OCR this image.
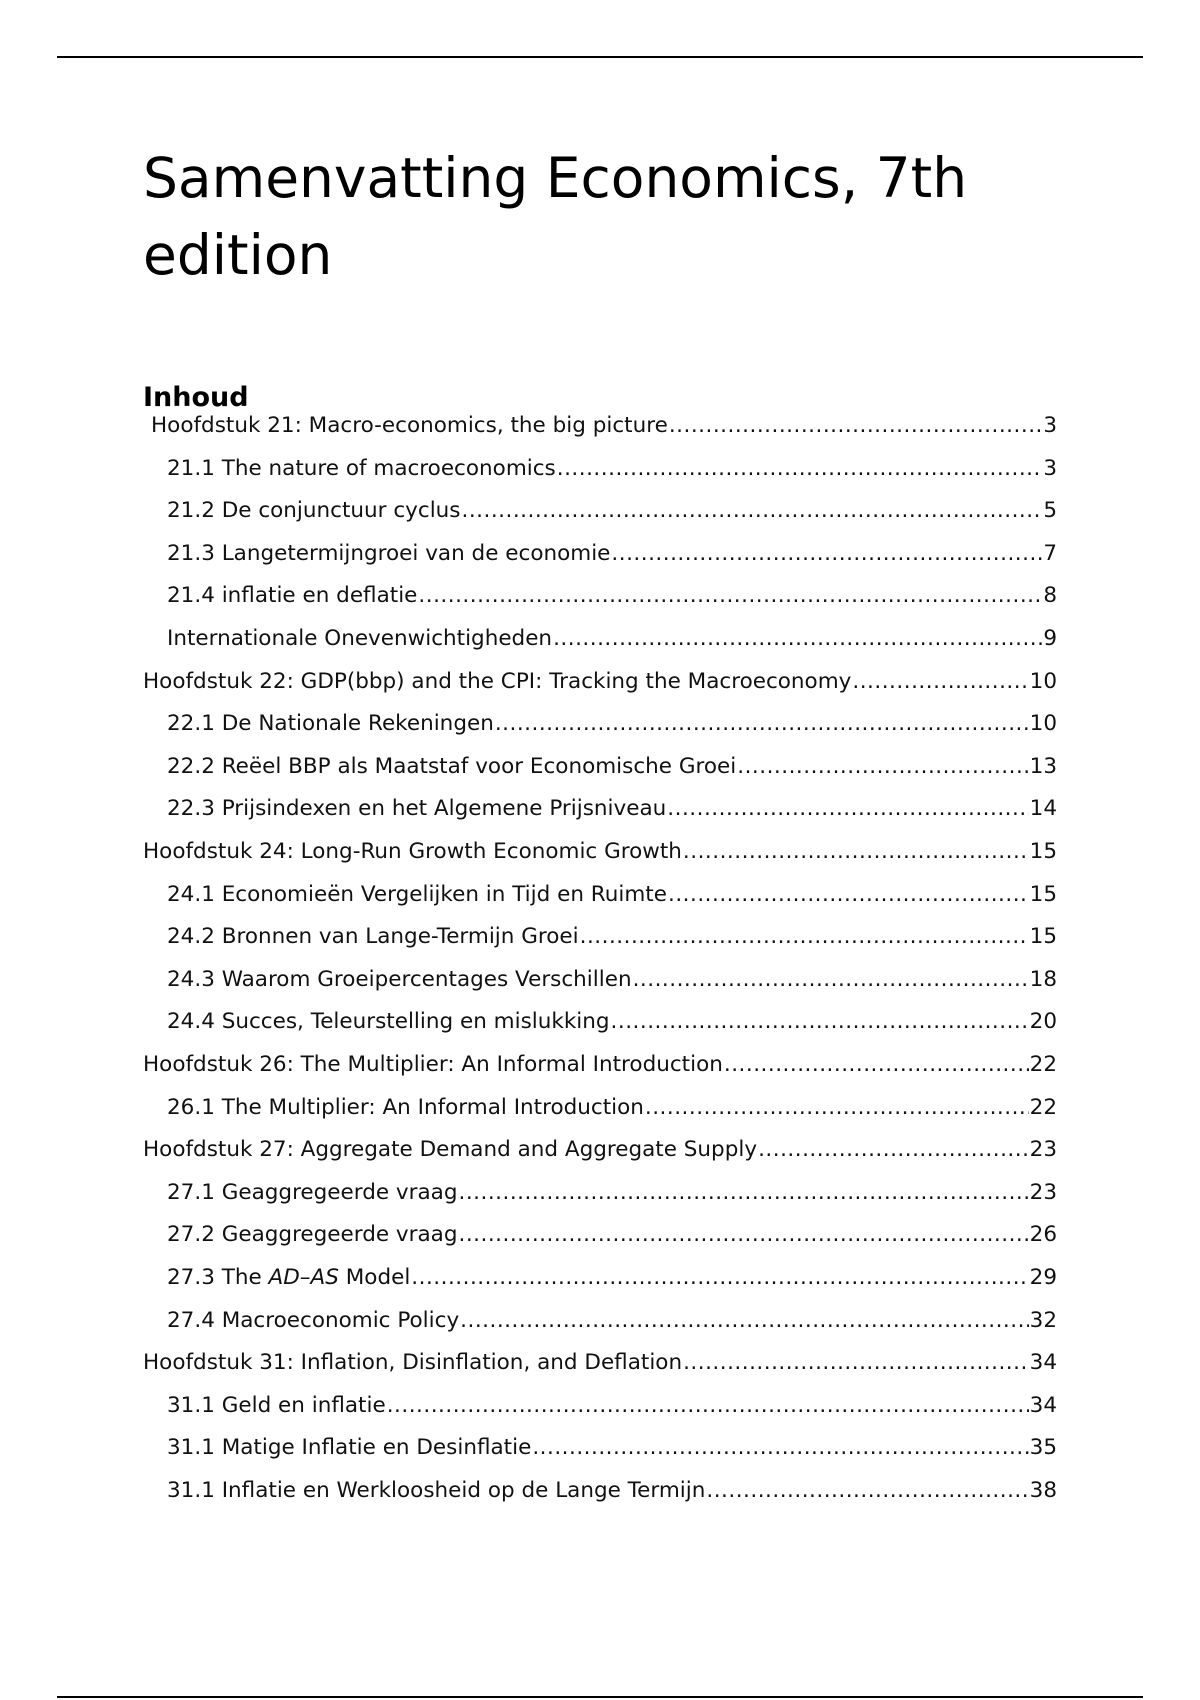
Samenvatting Economics, 7th edition
Inhoud
Hoofdstuk 21: Macro-economics, the big picture .....	3
21.1 The nature of macroeconomics .....	3
21.2 De conjunctuur cyclus .....	5
21.3 Langetermijngroei van de economie .....	7
21.4 inflatie en deflatie .....	8
Internationale Onevenwichtigheden .....	9
Hoofdstuk 22: GDP(bbp) and the CPI: Tracking the Macroeconomy .....	10
22.1 De Nationale Rekeningen .....	10
22.2 Reëel BBP als Maatstaf voor Economische Groei .....	13
22.3 Prijsindexen en het Algemene Prijsniveau .....	14
Hoofdstuk 24: Long-Run Growth Economic Growth .....	15
24.1 Economieën Vergelijken in Tijd en Ruimte .....	15
24.2 Bronnen van Lange-Termijn Groei .....	15
24.3 Waarom Groeipercentages Verschillen .....	18
24.4 Succes, Teleurstelling en mislukking .....	20
Hoofdstuk 26: The Multiplier: An Informal Introduction .....	22
26.1 The Multiplier: An Informal Introduction .....	22
Hoofdstuk 27: Aggregate Demand and Aggregate Supply .....	23
27.1 Geaggregeerde vraag .....	23
27.2 Geaggregeerde vraag .....	26
27.3 The AD–AS Model .....	29
27.4 Macroeconomic Policy .....	32
Hoofdstuk 31: Inflation, Disinflation, and Deflation .....	34
31.1 Geld en inflatie .....	34
31.1 Matige Inflatie en Desinflatie .....	35
31.1 Inflatie en Werkloosheid op de Lange Termijn .....	38
